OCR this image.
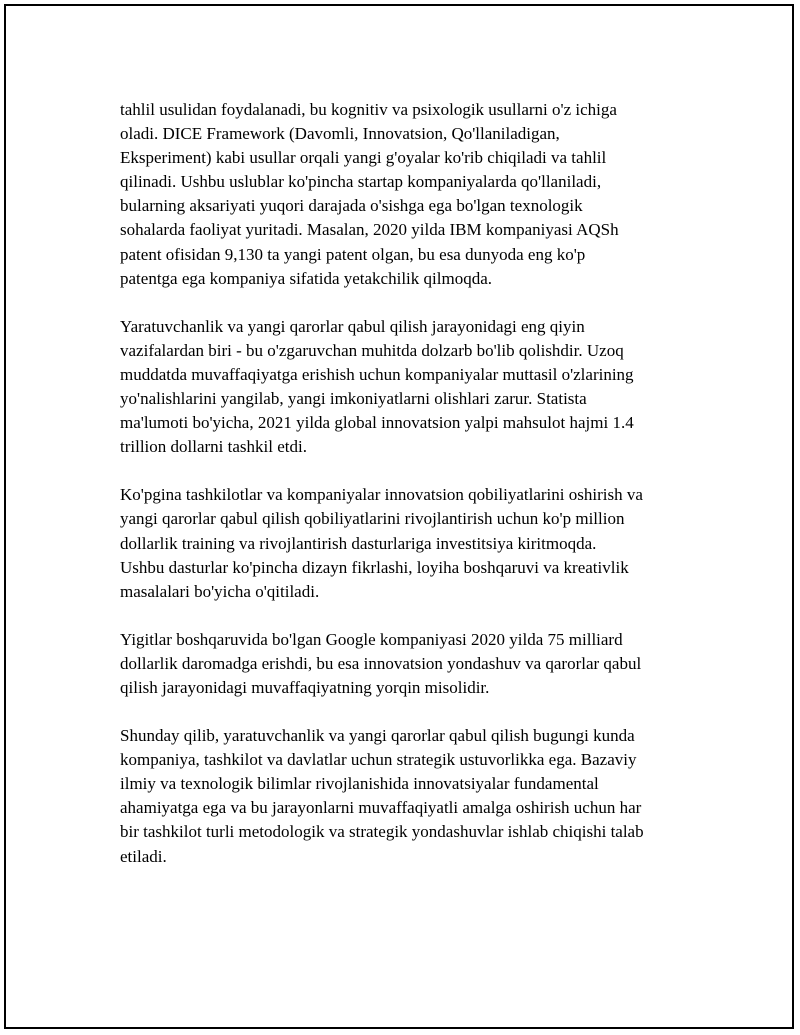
tahlil usulidan foydalanadi, bu kognitiv va psixologik usullarni o'z ichiga
oladi. DICE Framework (Davomli, Innovatsion, Qo'llaniladigan,
Eksperiment) kabi usullar orqali yangi g'oyalar ko'rib chiqiladi va tahlil
qilinadi. Ushbu uslublar ko'pincha startap kompaniyalarda qo'llaniladi,
bularning aksariyati yuqori darajada o'sishga ega bo'lgan texnologik
sohalarda faoliyat yuritadi. Masalan, 2020 yilda IBM kompaniyasi AQSh
patent ofisidan 9,130 ta yangi patent olgan, bu esa dunyoda eng ko'p
patentga ega kompaniya sifatida yetakchilik qilmoqda.

Yaratuvchanlik va yangi qarorlar qabul qilish jarayonidagi eng qiyin
vazifalardan biri - bu o'zgaruvchan muhitda dolzarb bo'lib qolishdir. Uzoq
muddatda muvaffaqiyatga erishish uchun kompaniyalar muttasil o'zlarining
yo'nalishlarini yangilab, yangi imkoniyatlarni olishlari zarur. Statista
ma'lumoti bo'yicha, 2021 yilda global innovatsion yalpi mahsulot hajmi 1.4
trillion dollarni tashkil etdi.

Ko'pgina tashkilotlar va kompaniyalar innovatsion qobiliyatlarini oshirish va
yangi qarorlar qabul qilish qobiliyatlarini rivojlantirish uchun ko'p million
dollarlik training va rivojlantirish dasturlariga investitsiya kiritmoqda.
Ushbu dasturlar ko'pincha dizayn fikrlashi, loyiha boshqaruvi va kreativlik
masalalari bo'yicha o'qitiladi.

Yigitlar boshqaruvida bo'lgan Google kompaniyasi 2020 yilda 75 milliard
dollarlik daromadga erishdi, bu esa innovatsion yondashuv va qarorlar qabul
qilish jarayonidagi muvaffaqiyatning yorqin misolidir.

Shunday qilib, yaratuvchanlik va yangi qarorlar qabul qilish bugungi kunda
kompaniya, tashkilot va davlatlar uchun strategik ustuvorlikka ega. Bazaviy
ilmiy va texnologik bilimlar rivojlanishida innovatsiyalar fundamental
ahamiyatga ega va bu jarayonlarni muvaffaqiyatli amalga oshirish uchun har
bir tashkilot turli metodologik va strategik yondashuvlar ishlab chiqishi talab
etiladi.
